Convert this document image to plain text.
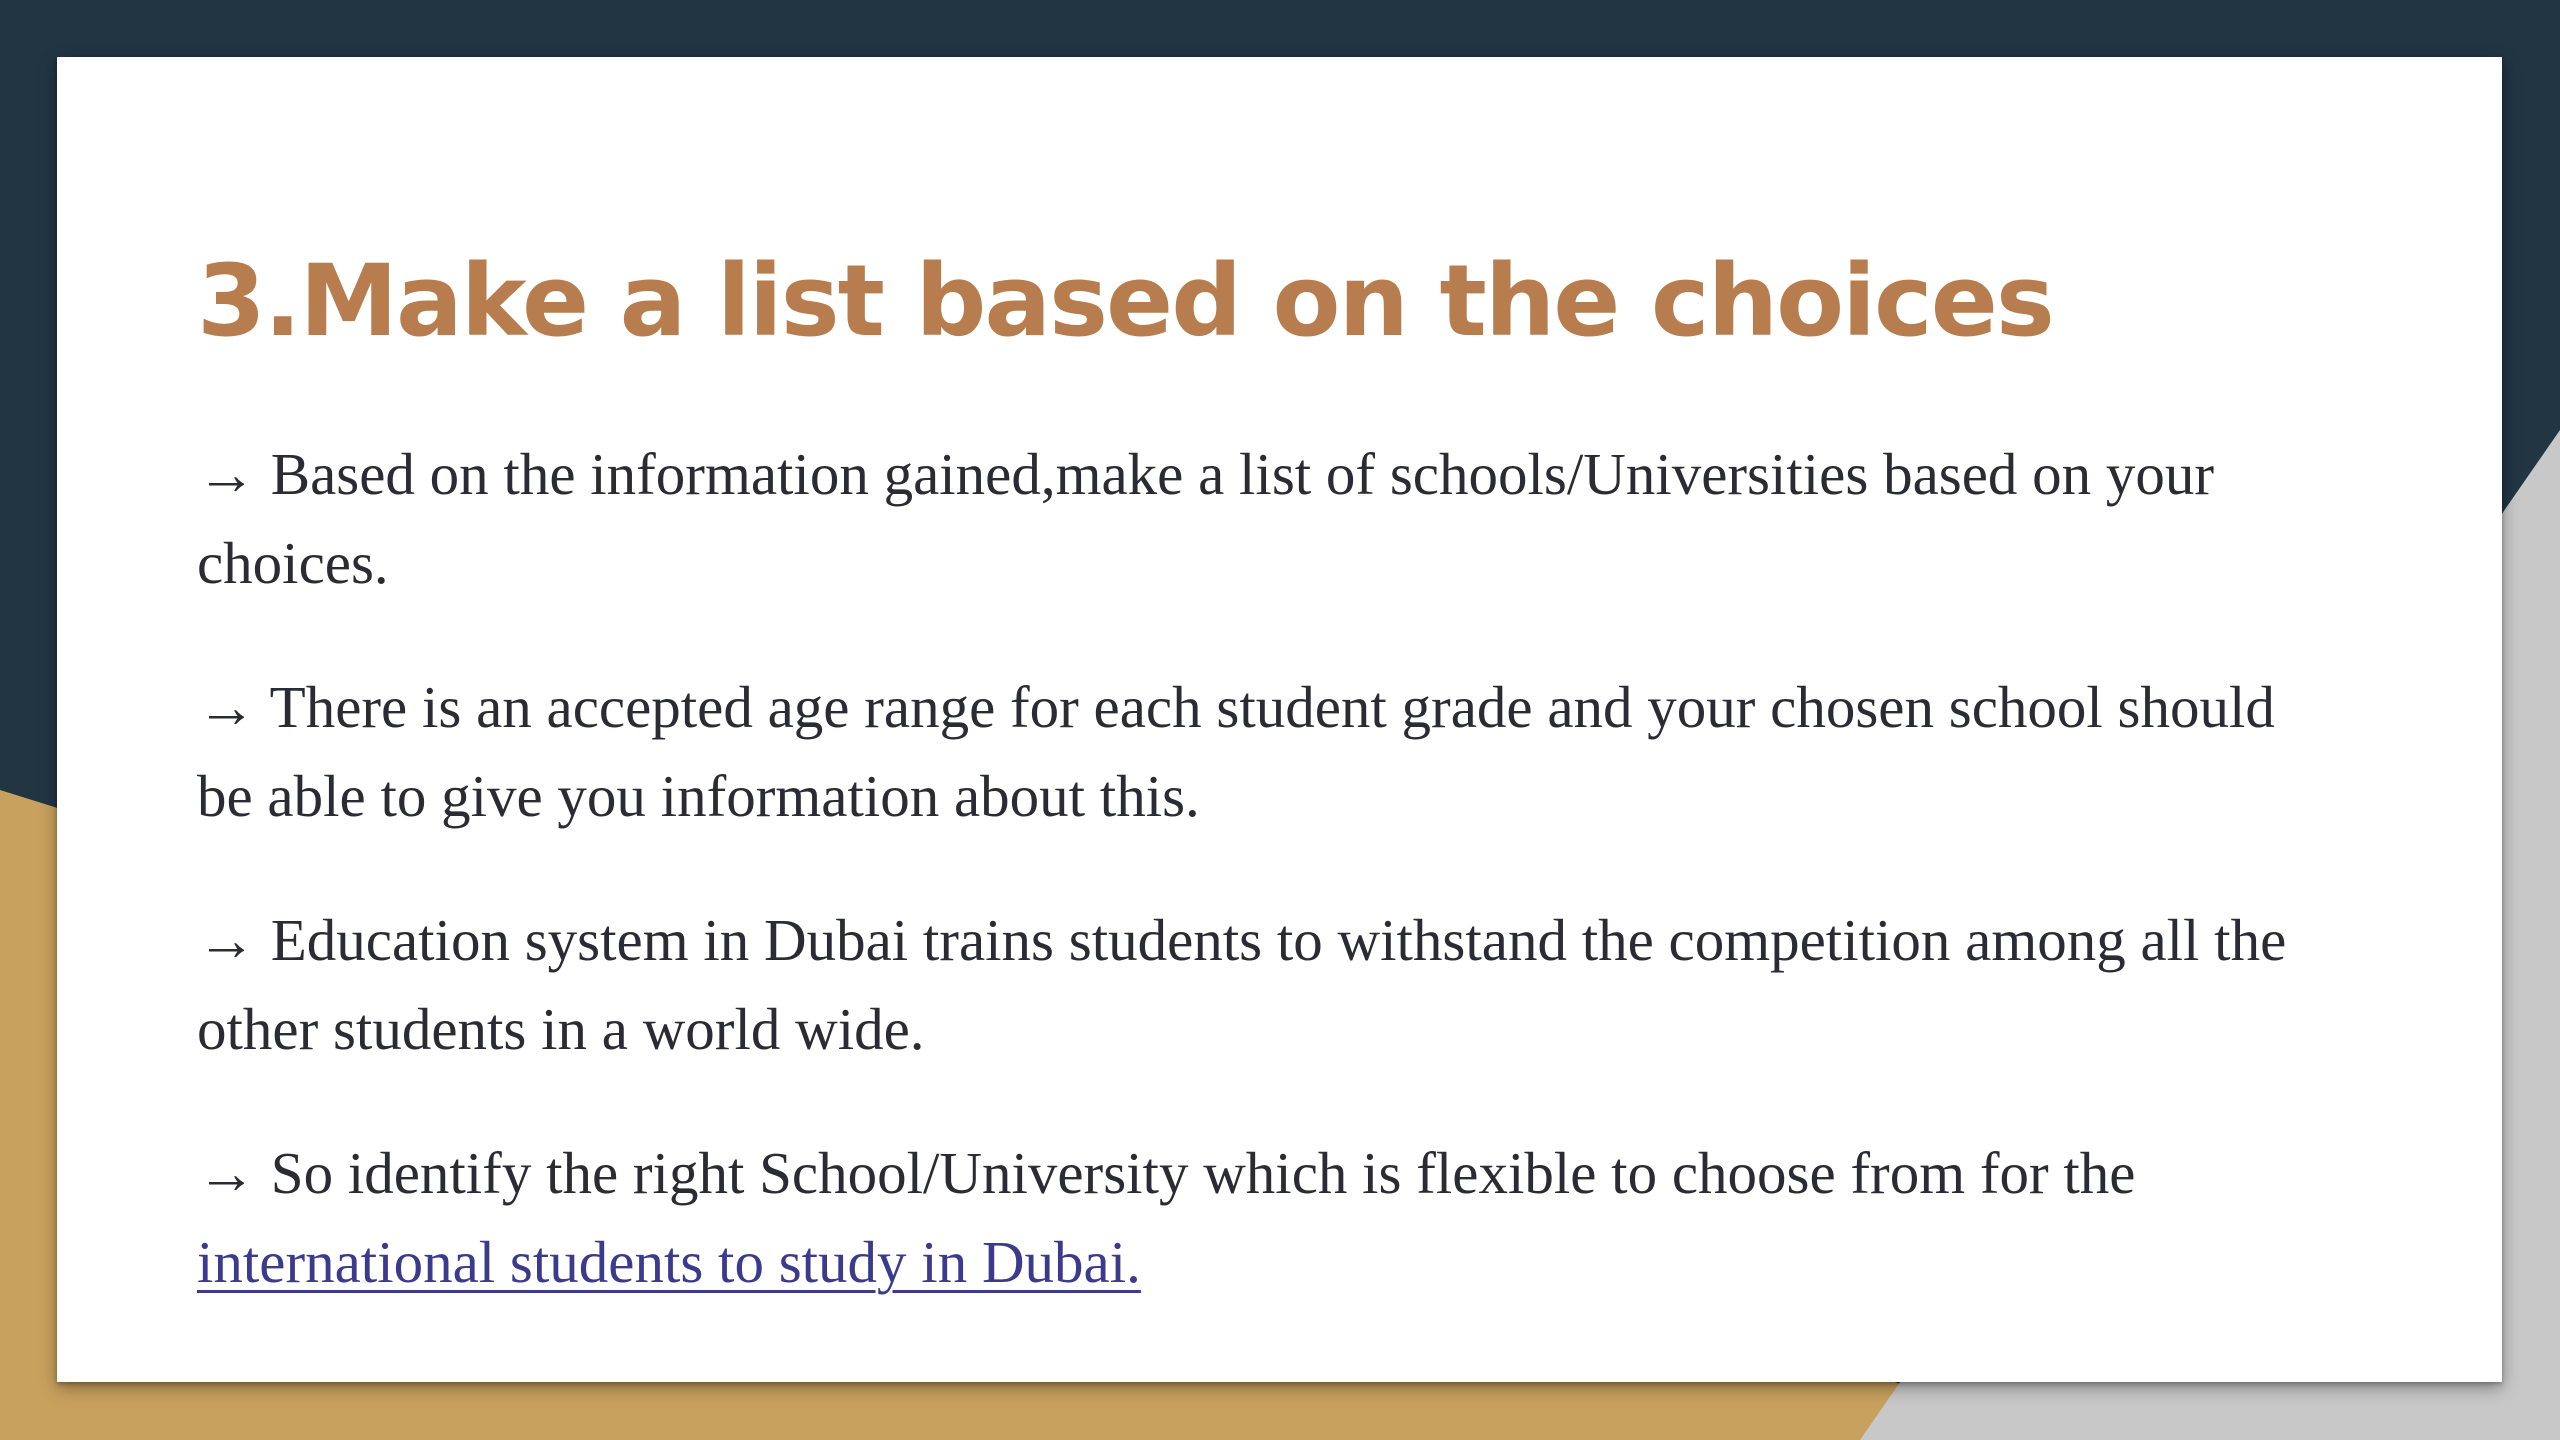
3.Make a list based on the choices
→ Based on the information gained,make a list of schools/Universities based on your choices.
→ There is an accepted age range for each student grade and your chosen school should be able to give you information about this.
→ Education system in Dubai trains students to withstand the competition among all the other students in a world wide.
→ So identify the right School/University which is flexible to choose from for the international students to study in Dubai.
